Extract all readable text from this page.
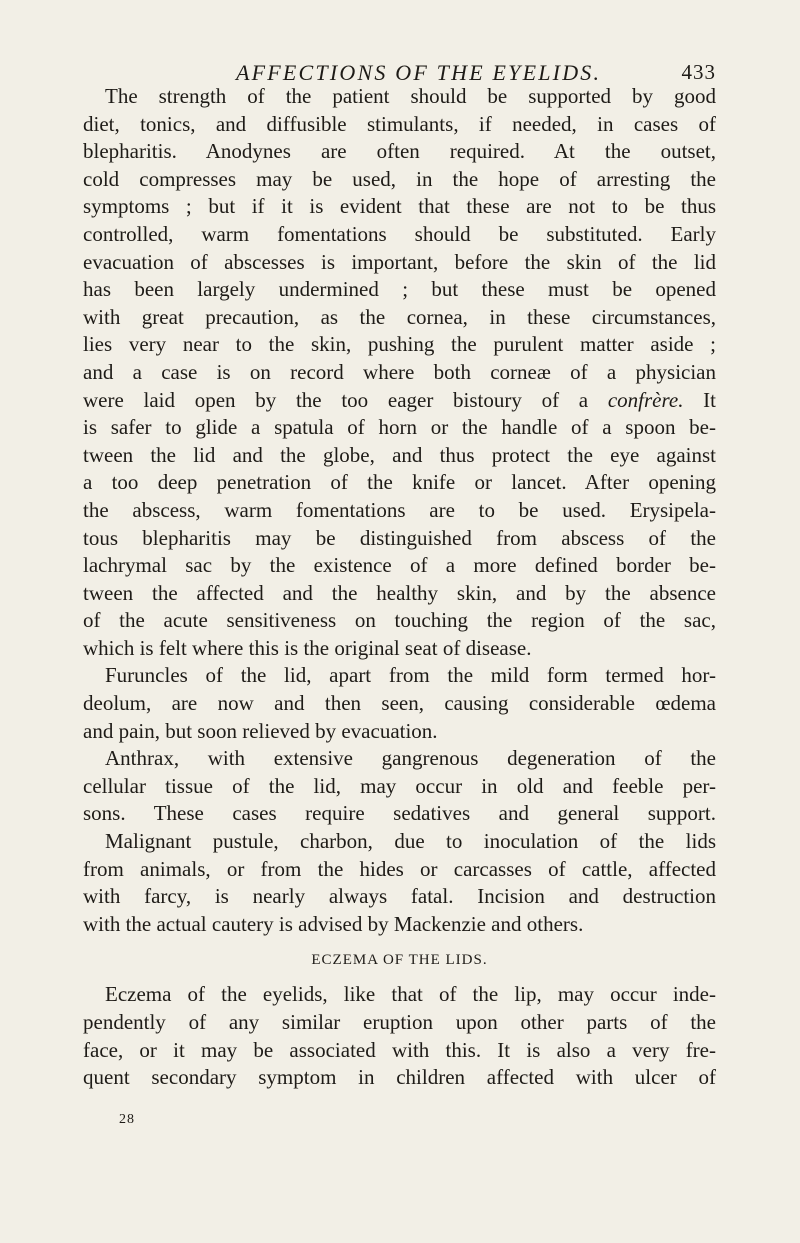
AFFECTIONS OF THE EYELIDS.	433
The strength of the patient should be supported by good
diet, tonics, and diffusible stimulants, if needed, in cases of
blepharitis. Anodynes are often required. At the outset,
cold compresses may be used, in the hope of arresting the
symptoms ; but if it is evident that these are not to be thus
controlled, warm fomentations should be substituted. Early
evacuation of abscesses is important, before the skin of the lid
has been largely undermined ; but these must be opened
with great precaution, as the cornea, in these circumstances,
lies very near to the skin, pushing the purulent matter aside ;
and a case is on record where both corneæ of a physician
were laid open by the too eager bistoury of a confrère. It
is safer to glide a spatula of horn or the handle of a spoon be-
tween the lid and the globe, and thus protect the eye against
a too deep penetration of the knife or lancet. After opening
the abscess, warm fomentations are to be used. Erysipela-
tous blepharitis may be distinguished from abscess of the
lachrymal sac by the existence of a more defined border be-
tween the affected and the healthy skin, and by the absence
of the acute sensitiveness on touching the region of the sac,
which is felt where this is the original seat of disease.
Furuncles of the lid, apart from the mild form termed hor-
deolum, are now and then seen, causing considerable œdema
and pain, but soon relieved by evacuation.
Anthrax, with extensive gangrenous degeneration of the
cellular tissue of the lid, may occur in old and feeble per-
sons. These cases require sedatives and general support.
Malignant pustule, charbon, due to inoculation of the lids
from animals, or from the hides or carcasses of cattle, affected
with farcy, is nearly always fatal. Incision and destruction
with the actual cautery is advised by Mackenzie and others.
ECZEMA OF THE LIDS.
Eczema of the eyelids, like that of the lip, may occur inde-
pendently of any similar eruption upon other parts of the
face, or it may be associated with this. It is also a very fre-
quent secondary symptom in children affected with ulcer of
28
